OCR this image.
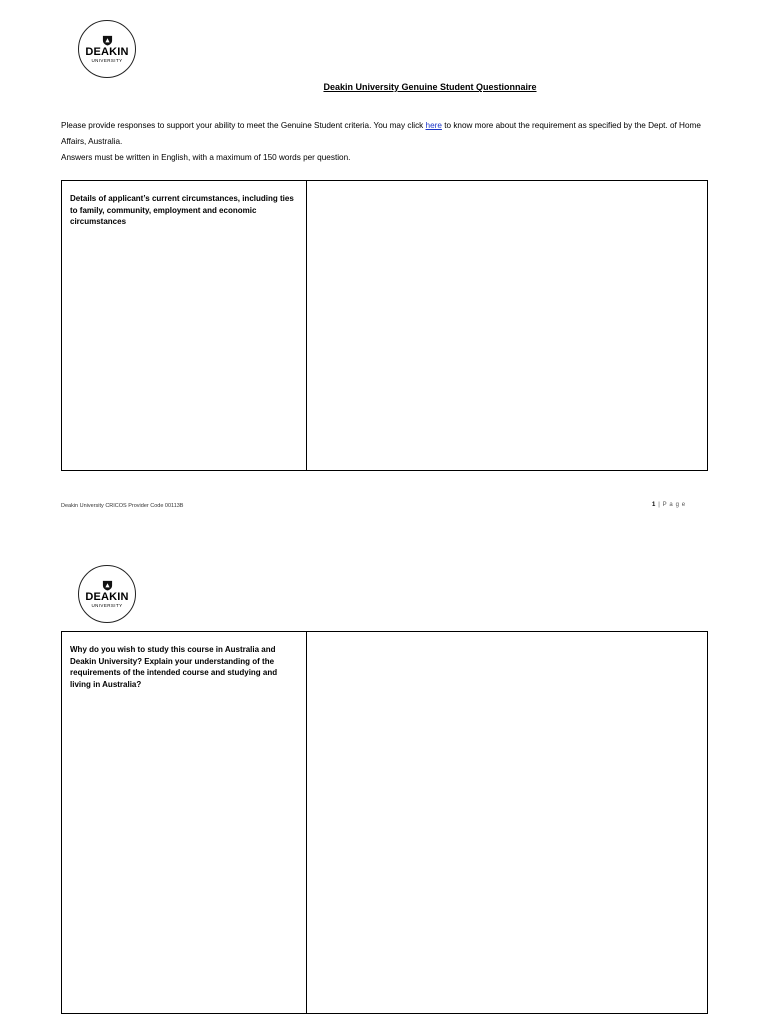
DEAKIN
UNIVERSITY
Deakin University Genuine Student Questionnaire
Please provide responses to support your ability to meet the Genuine Student criteria. You may click here to know more about the requirement as specified by the Dept. of Home Affairs, Australia.
Answers must be written in English, with a maximum of 150 words per question.
Details of applicant’s current circumstances, including ties to family, community, employment and economic circumstances
Deakin University CRICOS Provider Code 00113B	1 | P a g e
DEAKIN
UNIVERSITY
Why do you wish to study this course in Australia and Deakin University? Explain your understanding of the requirements of the intended course and studying and living in Australia?
